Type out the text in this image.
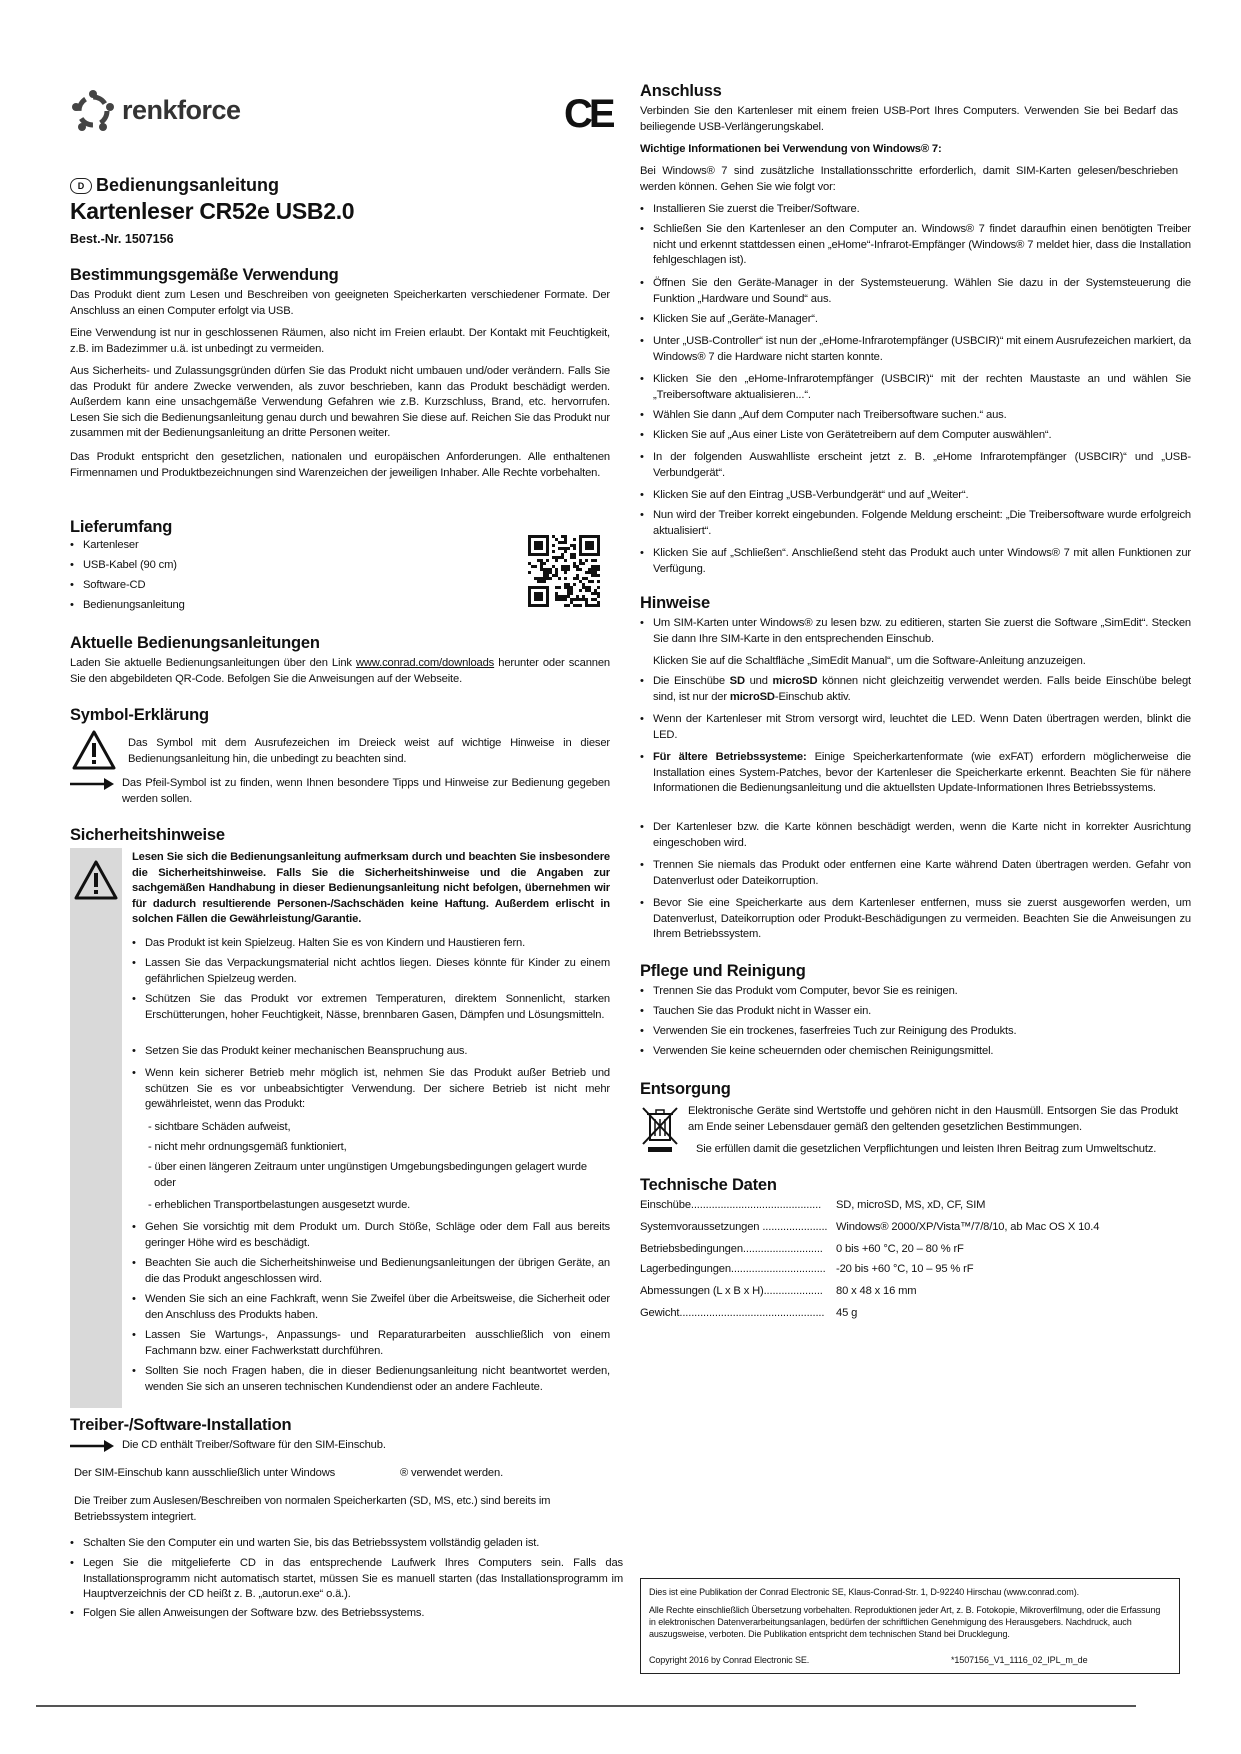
renkforce
D Bedienungsanleitung
Kartenleser CR52e USB2.0
Best.-Nr. 1507156
Bestimmungsgemäße Verwendung
Das Produkt dient zum Lesen und Beschreiben von geeigneten Speicherkarten verschiedener Formate. Der Anschluss an einen Computer erfolgt via USB.
Eine Verwendung ist nur in geschlossenen Räumen, also nicht im Freien erlaubt. Der Kontakt mit Feuchtigkeit, z.B. im Badezimmer u.ä. ist unbedingt zu vermeiden.
Aus Sicherheits- und Zulassungsgründen dürfen Sie das Produkt nicht umbauen und/oder verändern. Falls Sie das Produkt für andere Zwecke verwenden, als zuvor beschrieben, kann das Produkt beschädigt werden. Außerdem kann eine unsachgemäße Verwendung Gefahren wie z.B. Kurzschluss, Brand, etc. hervorrufen. Lesen Sie sich die Bedienungsanleitung genau durch und bewahren Sie diese auf. Reichen Sie das Produkt nur zusammen mit der Bedienungsanleitung an dritte Personen weiter.
Das Produkt entspricht den gesetzlichen, nationalen und europäischen Anforderungen. Alle enthaltenen Firmennamen und Produktbezeichnungen sind Warenzeichen der jeweiligen Inhaber. Alle Rechte vorbehalten.
Lieferumfang
• Kartenleser
• USB-Kabel (90 cm)
• Software-CD
• Bedienungsanleitung
Aktuelle Bedienungsanleitungen
Laden Sie aktuelle Bedienungsanleitungen über den Link www.conrad.com/downloads herunter oder scannen Sie den abgebildeten QR-Code. Befolgen Sie die Anweisungen auf der Webseite.
Symbol-Erklärung
Das Symbol mit dem Ausrufezeichen im Dreieck weist auf wichtige Hinweise in dieser Bedienungsanleitung hin, die unbedingt zu beachten sind.
Das Pfeil-Symbol ist zu finden, wenn Ihnen besondere Tipps und Hinweise zur Bedienung gegeben werden sollen.
Sicherheitshinweise
Lesen Sie sich die Bedienungsanleitung aufmerksam durch und beachten Sie insbesondere die Sicherheitshinweise. Falls Sie die Sicherheitshinweise und die Angaben zur sachgemäßen Handhabung in dieser Bedienungsanleitung nicht befolgen, übernehmen wir für dadurch resultierende Personen-/Sachschäden keine Haftung. Außerdem erlischt in solchen Fällen die Gewährleistung/Garantie.
• Das Produkt ist kein Spielzeug. Halten Sie es von Kindern und Haustieren fern.
• Lassen Sie das Verpackungsmaterial nicht achtlos liegen. Dieses könnte für Kinder zu einem gefährlichen Spielzeug werden.
• Schützen Sie das Produkt vor extremen Temperaturen, direktem Sonnenlicht, starken Erschütterungen, hoher Feuchtigkeit, Nässe, brennbaren Gasen, Dämpfen und Lösungsmitteln.
• Setzen Sie das Produkt keiner mechanischen Beanspruchung aus.
• Wenn kein sicherer Betrieb mehr möglich ist, nehmen Sie das Produkt außer Betrieb und schützen Sie es vor unbeabsichtigter Verwendung. Der sichere Betrieb ist nicht mehr gewährleistet, wenn das Produkt:
- sichtbare Schäden aufweist,
- nicht mehr ordnungsgemäß funktioniert,
- über einen längeren Zeitraum unter ungünstigen Umgebungsbedingungen gelagert wurde
oder
- erheblichen Transportbelastungen ausgesetzt wurde.
• Gehen Sie vorsichtig mit dem Produkt um. Durch Stöße, Schläge oder dem Fall aus bereits geringer Höhe wird es beschädigt.
• Beachten Sie auch die Sicherheitshinweise und Bedienungsanleitungen der übrigen Geräte, an die das Produkt angeschlossen wird.
• Wenden Sie sich an eine Fachkraft, wenn Sie Zweifel über die Arbeitsweise, die Sicherheit oder den Anschluss des Produkts haben.
• Lassen Sie Wartungs-, Anpassungs- und Reparaturarbeiten ausschließlich von einem Fachmann bzw. einer Fachwerkstatt durchführen.
• Sollten Sie noch Fragen haben, die in dieser Bedienungsanleitung nicht beantwortet werden, wenden Sie sich an unseren technischen Kundendienst oder an andere Fachleute.
Treiber-/Software-Installation
Die CD enthält Treiber/Software für den SIM-Einschub.
Der SIM-Einschub kann ausschließlich unter Windows	® verwendet werden.
Die Treiber zum Auslesen/Beschreiben von normalen Speicherkarten (SD, MS, etc.) sind bereits im Betriebssystem integriert.
• Schalten Sie den Computer ein und warten Sie, bis das Betriebssystem vollständig geladen ist.
• Legen Sie die mitgelieferte CD in das entsprechende Laufwerk Ihres Computers sein. Falls das Installationsprogramm nicht automatisch startet, müssen Sie es manuell starten (das Installationsprogramm im Hauptverzeichnis der CD heißt z. B. „autorun.exe“ o.ä.).
• Folgen Sie allen Anweisungen der Software bzw. des Betriebssystems.
CE
Anschluss
Verbinden Sie den Kartenleser mit einem freien USB-Port Ihres Computers. Verwenden Sie bei Bedarf das beiliegende USB-Verlängerungskabel.
Wichtige Informationen bei Verwendung von Windows® 7:
Bei Windows® 7 sind zusätzliche Installationsschritte erforderlich, damit SIM-Karten gelesen/beschrieben werden können. Gehen Sie wie folgt vor:
• Installieren Sie zuerst die Treiber/Software.
• Schließen Sie den Kartenleser an den Computer an. Windows® 7 findet daraufhin einen benötigten Treiber nicht und erkennt stattdessen einen „eHome“-Infrarot-Empfänger (Windows® 7 meldet hier, dass die Installation fehlgeschlagen ist).
• Öffnen Sie den Geräte-Manager in der Systemsteuerung. Wählen Sie dazu in der Systemsteuerung die Funktion „Hardware und Sound“ aus.
• Klicken Sie auf „Geräte-Manager“.
• Unter „USB-Controller“ ist nun der „eHome-Infrarotempfänger (USBCIR)“ mit einem Ausrufezeichen markiert, da Windows® 7 die Hardware nicht starten konnte.
• Klicken Sie den „eHome-Infrarotempfänger (USBCIR)“ mit der rechten Maustaste an und wählen Sie „Treibersoftware aktualisieren...“.
• Wählen Sie dann „Auf dem Computer nach Treibersoftware suchen.“ aus.
• Klicken Sie auf „Aus einer Liste von Gerätetreibern auf dem Computer auswählen“.
• In der folgenden Auswahlliste erscheint jetzt z. B. „eHome Infrarotempfänger (USBCIR)“ und „USB-Verbundgerät“.
• Klicken Sie auf den Eintrag „USB-Verbundgerät“ und auf „Weiter“.
• Nun wird der Treiber korrekt eingebunden. Folgende Meldung erscheint: „Die Treibersoftware wurde erfolgreich aktualisiert“.
• Klicken Sie auf „Schließen“. Anschließend steht das Produkt auch unter Windows® 7 mit allen Funktionen zur Verfügung.
Hinweise
• Um SIM-Karten unter Windows® zu lesen bzw. zu editieren, starten Sie zuerst die Software „SimEdit“. Stecken Sie dann Ihre SIM-Karte in den entsprechenden Einschub.
Klicken Sie auf die Schaltfläche „SimEdit Manual“, um die Software-Anleitung anzuzeigen.
• Die Einschübe SD und microSD können nicht gleichzeitig verwendet werden. Falls beide Einschübe belegt sind, ist nur der microSD-Einschub aktiv.
• Wenn der Kartenleser mit Strom versorgt wird, leuchtet die LED. Wenn Daten übertragen werden, blinkt die LED.
• Für ältere Betriebssysteme: Einige Speicherkartenformate (wie exFAT) erfordern möglicherweise die Installation eines System-Patches, bevor der Kartenleser die Speicherkarte erkennt. Beachten Sie für nähere Informationen die Bedienungsanleitung und die aktuellsten Update-Informationen Ihres Betriebssystems.
• Der Kartenleser bzw. die Karte können beschädigt werden, wenn die Karte nicht in korrekter Ausrichtung eingeschoben wird.
• Trennen Sie niemals das Produkt oder entfernen eine Karte während Daten übertragen werden. Gefahr von Datenverlust oder Dateikorruption.
• Bevor Sie eine Speicherkarte aus dem Kartenleser entfernen, muss sie zuerst ausgeworfen werden, um Datenverlust, Dateikorruption oder Produkt-Beschädigungen zu vermeiden. Beachten Sie die Anweisungen zu Ihrem Betriebssystem.
Pflege und Reinigung
• Trennen Sie das Produkt vom Computer, bevor Sie es reinigen.
• Tauchen Sie das Produkt nicht in Wasser ein.
• Verwenden Sie ein trockenes, faserfreies Tuch zur Reinigung des Produkts.
• Verwenden Sie keine scheuernden oder chemischen Reinigungsmittel.
Entsorgung
Elektronische Geräte sind Wertstoffe und gehören nicht in den Hausmüll. Entsorgen Sie das Produkt am Ende seiner Lebensdauer gemäß den geltenden gesetzlichen Bestimmungen.
Sie erfüllen damit die gesetzlichen Verpflichtungen und leisten Ihren Beitrag zum Umweltschutz.
Technische Daten
Einschübe............................................ SD, microSD, MS, xD, CF, SIM
Systemvoraussetzungen ...................... Windows® 2000/XP/Vista™/7/8/10, ab Mac OS X 10.4
Betriebsbedingungen........................... 0 bis +60 °C, 20 – 80 % rF
Lagerbedingungen................................ -20 bis +60 °C, 10 – 95 % rF
Abmessungen (L x B x H).................... 80 x 48 x 16 mm
Gewicht................................................. 45 g
Dies ist eine Publikation der Conrad Electronic SE, Klaus-Conrad-Str. 1, D-92240 Hirschau (www.conrad.com).
Alle Rechte einschließlich Übersetzung vorbehalten. Reproduktionen jeder Art, z. B. Fotokopie, Mikroverfilmung, oder die Erfassung in elektronischen Datenverarbeitungsanlagen, bedürfen der schriftlichen Genehmigung des Herausgebers. Nachdruck, auch auszugsweise, verboten. Die Publikation entspricht dem technischen Stand bei Drucklegung.
Copyright 2016 by Conrad Electronic SE.	*1507156_V1_1116_02_IPL_m_de
